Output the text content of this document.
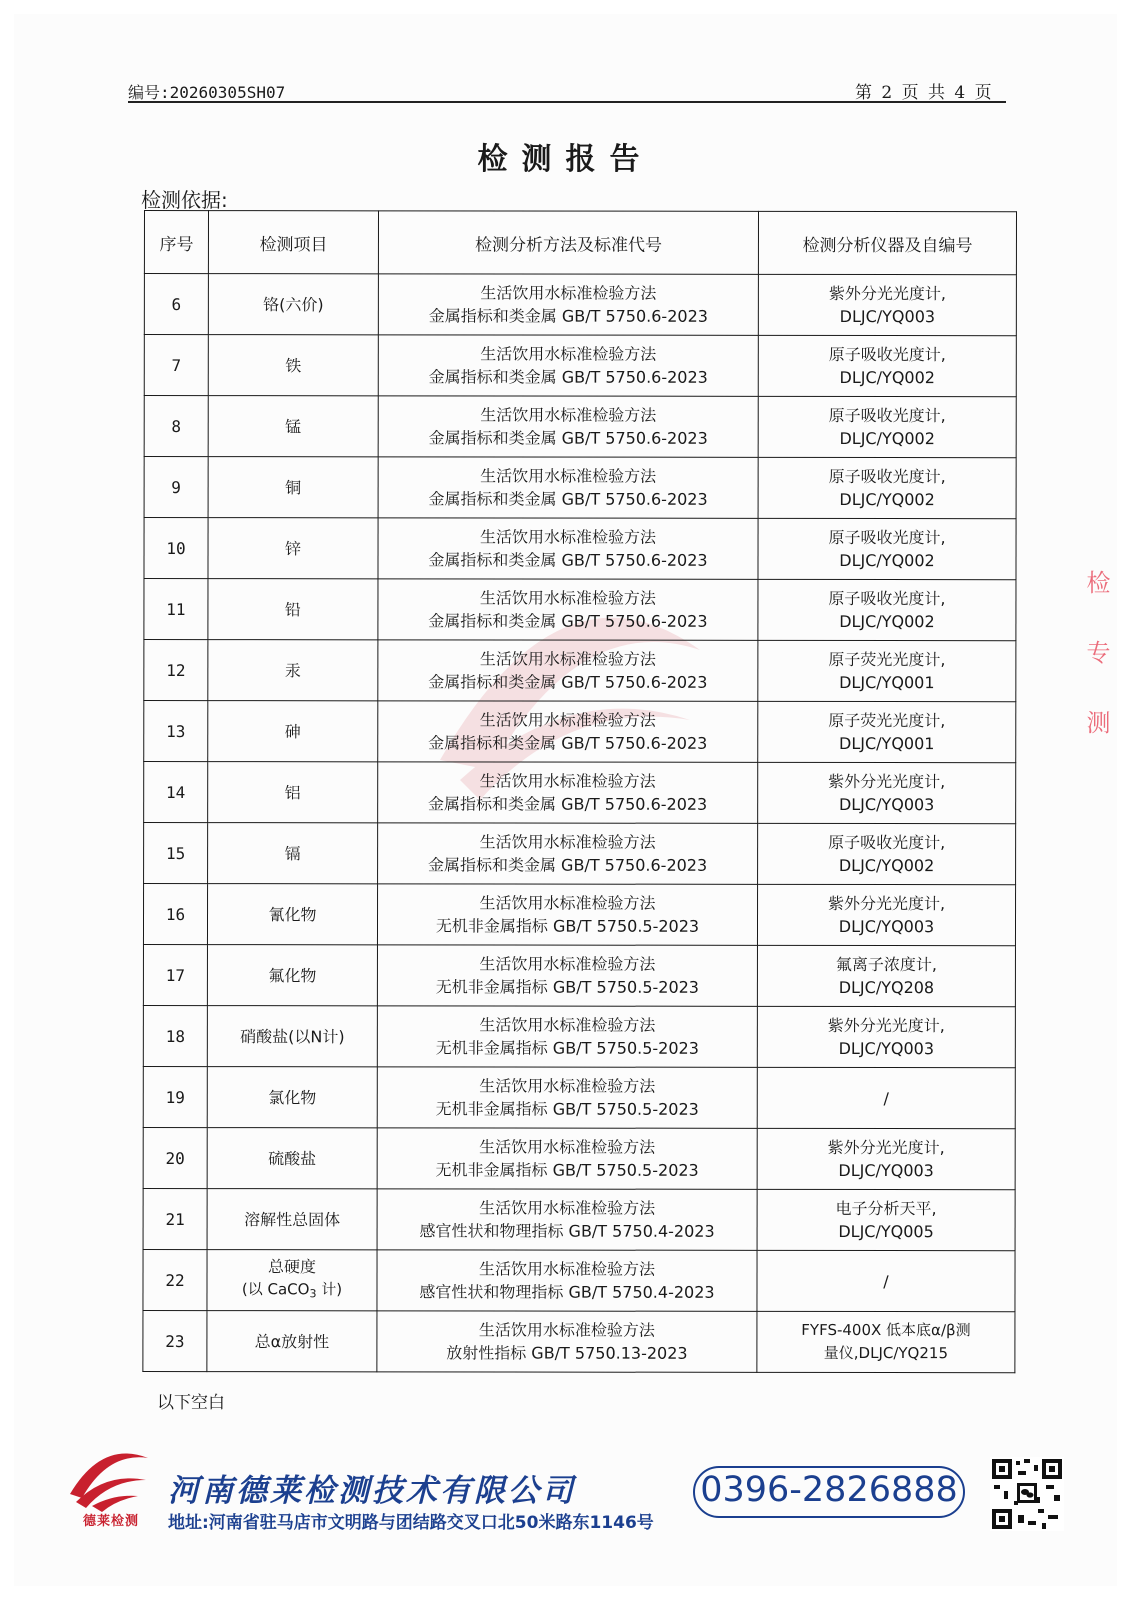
编号:20260305SH07	第 2 页 共 4 页
检测报告
检测依据:
序号	检测项目	检测分析方法及标准代号	检测分析仪器及自编号
6	铬(六价)	生活饮用水标准检验方法
金属指标和类金属 GB/T 5750.6-2023	紫外分光光度计,
DLJC/YQ003

7	铁	生活饮用水标准检验方法
金属指标和类金属 GB/T 5750.6-2023	原子吸收光度计,
DLJC/YQ002

8	锰	生活饮用水标准检验方法
金属指标和类金属 GB/T 5750.6-2023	原子吸收光度计,
DLJC/YQ002

9	铜	生活饮用水标准检验方法
金属指标和类金属 GB/T 5750.6-2023	原子吸收光度计,
DLJC/YQ002

10	锌	生活饮用水标准检验方法
金属指标和类金属 GB/T 5750.6-2023	原子吸收光度计,
DLJC/YQ002

11	铅	生活饮用水标准检验方法
金属指标和类金属 GB/T 5750.6-2023	原子吸收光度计,
DLJC/YQ002

12	汞	生活饮用水标准检验方法
金属指标和类金属 GB/T 5750.6-2023	原子荧光光度计,
DLJC/YQ001

13	砷	生活饮用水标准检验方法
金属指标和类金属 GB/T 5750.6-2023	原子荧光光度计,
DLJC/YQ001

14	铝	生活饮用水标准检验方法
金属指标和类金属 GB/T 5750.6-2023	紫外分光光度计,
DLJC/YQ003

15	镉	生活饮用水标准检验方法
金属指标和类金属 GB/T 5750.6-2023	原子吸收光度计,
DLJC/YQ002

16	氰化物	生活饮用水标准检验方法
无机非金属指标 GB/T 5750.5-2023	紫外分光光度计,
DLJC/YQ003

17	氟化物	生活饮用水标准检验方法
无机非金属指标 GB/T 5750.5-2023	氟离子浓度计,
DLJC/YQ208

18	硝酸盐(以N计)	生活饮用水标准检验方法
无机非金属指标 GB/T 5750.5-2023	紫外分光光度计,
DLJC/YQ003

19	氯化物	生活饮用水标准检验方法
无机非金属指标 GB/T 5750.5-2023	/

20	硫酸盐	生活饮用水标准检验方法
无机非金属指标 GB/T 5750.5-2023	紫外分光光度计,
DLJC/YQ003

21	溶解性总固体	生活饮用水标准检验方法
感官性状和物理指标 GB/T 5750.4-2023	电子分析天平,
DLJC/YQ005

22	总硬度
(以 CaCO$_3$ 计)	生活饮用水标准检验方法
感官性状和物理指标 GB/T 5750.4-2023	/

23	总α放射性	生活饮用水标准检验方法
放射性指标 GB/T 5750.13-2023	FYFS-400X 低本底α/β测
量仪,DLJC/YQ215
以下空白
检
专
测
德莱检测
河南德莱检测技术有限公司
地址:河南省驻马店市文明路与团结路交叉口北50米路东1146号
0396-2826888
